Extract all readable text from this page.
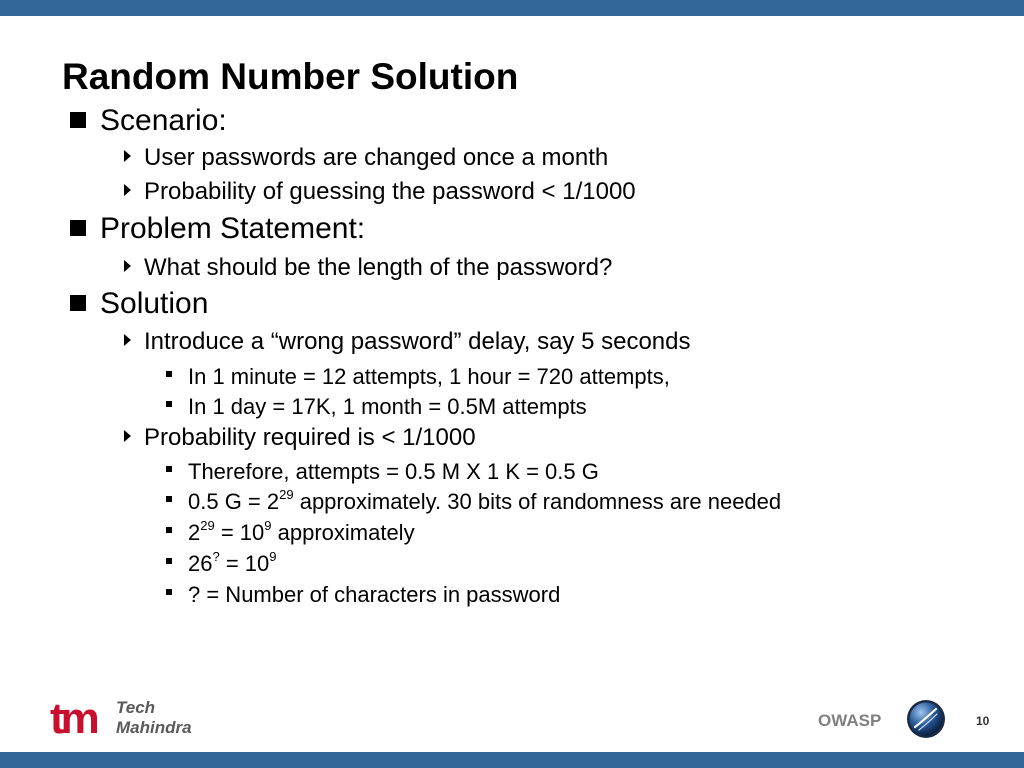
Random Number Solution
Scenario:
User passwords are changed once a month
Probability of guessing the password < 1/1000
Problem Statement:
What should be the length of the password?
Solution
Introduce a “wrong password” delay, say 5 seconds
In 1 minute = 12 attempts, 1 hour = 720 attempts,
In 1 day = 17K, 1 month = 0.5M attempts
Probability required is < 1/1000
Therefore, attempts = 0.5 M X 1 K = 0.5 G
0.5 $G = 2^{29}$ approximately. 30 bits of randomness are needed
$2^{29} = 10^9$ approximately
$26^? = 10^9$
? = Number of characters in password
tm Tech
Mahindra	OWASP	10
